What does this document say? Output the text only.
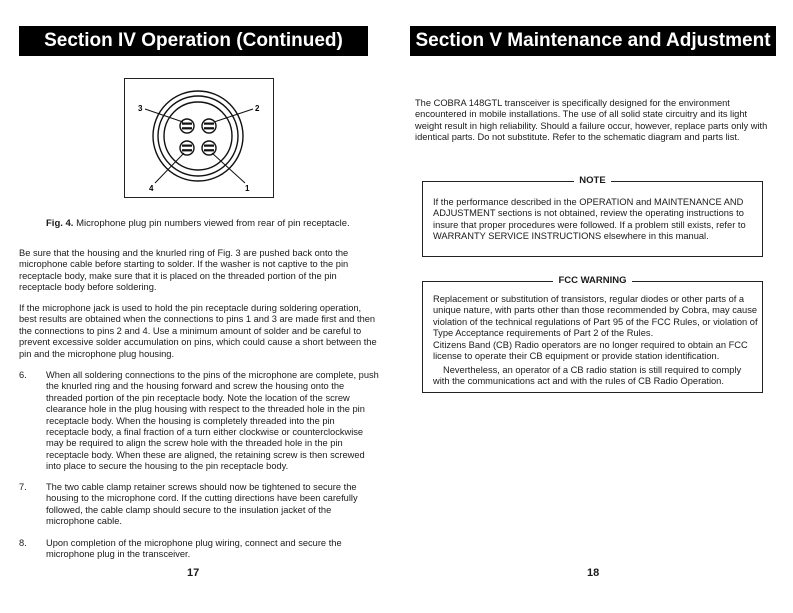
Section IV Operation (Continued)
3	2
4	1
Fig. 4. Microphone plug pin numbers viewed from rear of pin receptacle.

Be sure that the housing and the knurled ring of Fig. 3 are pushed back onto the microphone cable before starting to solder. If the washer is not captive to the pin receptacle body, make sure that it is placed on the threaded portion of the pin receptacle body before soldering.

If the microphone jack is used to hold the pin receptacle during soldering operation, best results are obtained when the connections to pins 1 and 3 are made first and then the connections to pins 2 and 4. Use a minimum amount of solder and be careful to prevent excessive solder accumulation on pins, which could cause a short between the pin and the microphone plug housing.

6. When all soldering connections to the pins of the microphone are complete, push the knurled ring and the housing forward and screw the housing onto the threaded portion of the pin receptacle body. Note the location of the screw clearance hole in the plug housing with respect to the threaded hole in the pin receptacle body. When the housing is completely threaded into the pin receptacle body, a final fraction of a turn either clockwise or counterclockwise may be required to align the screw hole with the threaded hole in the pin receptacle body. When these are aligned, the retaining screw is then screwed into place to secure the housing to the pin receptacle body.

7. The two cable clamp retainer screws should now be tightened to secure the housing to the microphone cord. If the cutting directions have been carefully followed, the cable clamp should secure to the insulation jacket of the microphone cable.

8. Upon completion of the microphone plug wiring, connect and secure the microphone plug in the transceiver.

17
Section V Maintenance and Adjustment

The COBRA 148GTL transceiver is specifically designed for the environment encountered in mobile installations. The use of all solid state circuitry and its light weight result in high reliability. Should a failure occur, however, replace parts only with identical parts. Do not substitute. Refer to the schematic diagram and parts list.

NOTE

If the performance described in the OPERATION and MAINTENANCE AND ADJUSTMENT sections is not obtained, review the operating instructions to insure that proper procedures were followed. If a problem still exists, refer to WARRANTY SERVICE INSTRUCTIONS elsewhere in this manual.

FCC WARNING

Replacement or substitution of transistors, regular diodes or other parts of a unique nature, with parts other than those recommended by Cobra, may cause violation of the technical regulations of Part 95 of the FCC Rules, or violation of Type Acceptance requirements of Part 2 of the Rules.

Citizens Band (CB) Radio operators are no longer required to obtain an FCC license to operate their CB equipment or provide station identification.

Nevertheless, an operator of a CB radio station is still required to comply with the communications act and with the rules of CB Radio Operation.

18
